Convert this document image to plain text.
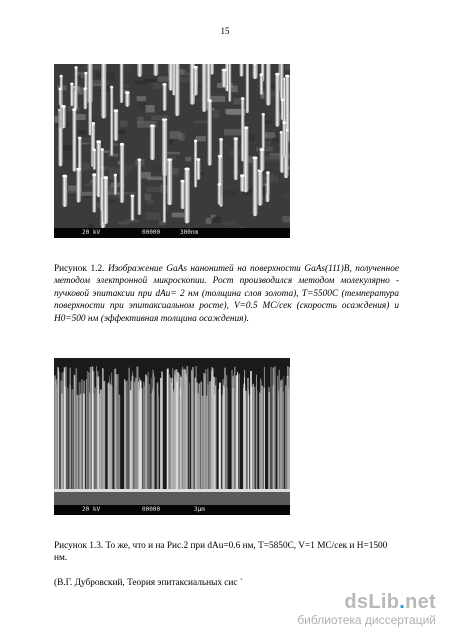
15
20 kV	00000	300nm
Рисунок 1.2. Изображение GaAs нанонитей на поверхности GaAs(111)B, полученное методом электронной микроскопии. Рост производился методом молекулярно - пучковой эпитаксии при dAu= 2 нм (толщина слоя золота), T=5500C (температура поверхности при эпитаксиальном росте), V=0.5 МС/сек (скорость осаждения) и H0=500 нм (эффективная толщина осаждения).
20 kV	00000	3μm
Рисунок 1.3. То же, что и на Рис.2 при dAu=0.6 нм, T=5850C, V=1 МС/сек и H=1500 нм.
(В.Г. Дубровский, Теория эпитаксиальных сис `
dsLib.net
библиотека диссертаций
